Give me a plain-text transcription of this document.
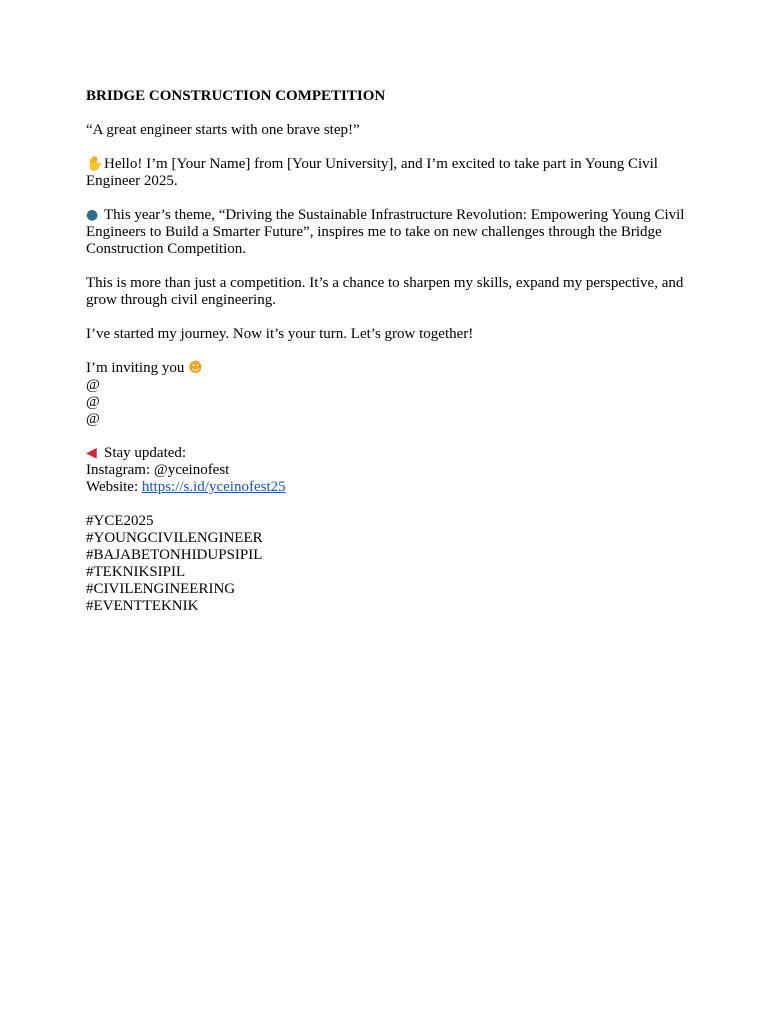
BRIDGE CONSTRUCTION COMPETITION
“A great engineer starts with one brave step!”
✋Hello! I’m [Your Name] from [Your University], and I’m excited to take part in Young Civil Engineer 2025.
● This year’s theme, “Driving the Sustainable Infrastructure Revolution: Empowering Young Civil Engineers to Build a Smarter Future”, inspires me to take on new challenges through the Bridge Construction Competition.
This is more than just a competition. It’s a chance to sharpen my skills, expand my perspective, and grow through civil engineering.
I’ve started my journey. Now it’s your turn. Let’s grow together!
I’m inviting you ☻
@
@
@
◀ Stay updated:
Instagram: @yceinofest
Website: https://s.id/yceinofest25
#YCE2025
#YOUNGCIVILENGINEER
#BAJABETONHIDUPSIPIL
#TEKNIKSIPIL
#CIVILENGINEERING
#EVENTTEKNIK
